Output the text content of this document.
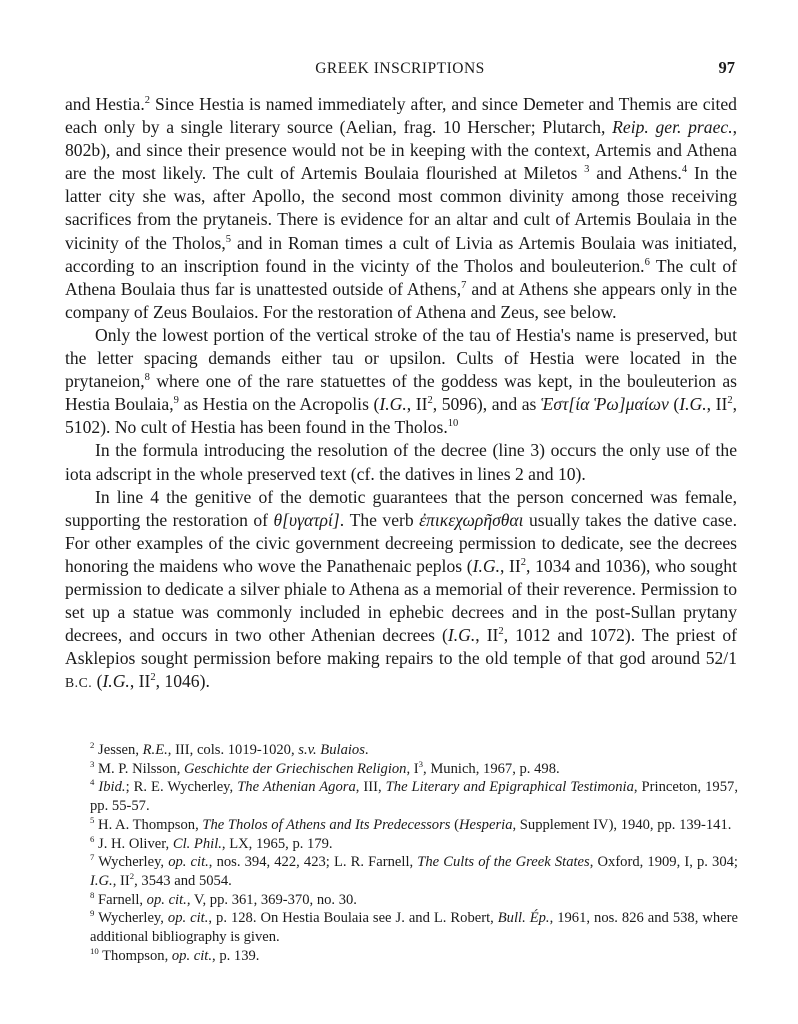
GREEK INSCRIPTIONS	97

and Hestia.$^2$ Since Hestia is named immediately after, and since Demeter and Themis are cited each only by a single literary source (Aelian, frag. 10 Herscher; Plutarch, Reip. ger. praec., 802b), and since their presence would not be in keeping with the context, Artemis and Athena are the most likely. The cult of Artemis Boulaia flourished at Miletos $^3$ and Athens.$^4$ In the latter city she was, after Apollo, the second most common divinity among those receiving sacrifices from the prytaneis. There is evidence for an altar and cult of Artemis Boulaia in the vicinity of the Tholos,$^5$ and in Roman times a cult of Livia as Artemis Boulaia was initiated, according to an inscription found in the vicinty of the Tholos and bouleuterion.$^6$ The cult of Athena Boulaia thus far is unattested outside of Athens,$^7$ and at Athens she appears only in the company of Zeus Boulaios. For the restoration of Athena and Zeus, see below.

Only the lowest portion of the vertical stroke of the tau of Hestia's name is preserved, but the letter spacing demands either tau or upsilon. Cults of Hestia were located in the prytaneion,$^8$ where one of the rare statuettes of the goddess was kept, in the bouleuterion as Hestia Boulaia,$^9$ as Hestia on the Acropolis (I.G., $II^2$, 5096), and as Ἑστ[ία Ῥω]μαίων (I.G., $II^2$, 5102). No cult of Hestia has been found in the Tholos.$^{10}$

In the formula introducing the resolution of the decree (line 3) occurs the only use of the iota adscript in the whole preserved text (cf. the datives in lines 2 and 10).

In line 4 the genitive of the demotic guarantees that the person concerned was female, supporting the restoration of θ[υγατρί]. The verb ἐπικεχωρῆσθαι usually takes the dative case. For other examples of the civic government decreeing permission to dedicate, see the decrees honoring the maidens who wove the Panathenaic peplos (I.G., $II^2$, 1034 and 1036), who sought permission to dedicate a silver phiale to Athena as a memorial of their reverence. Permission to set up a statue was commonly included in ephebic decrees and in the post-Sullan prytany decrees, and occurs in two other Athenian decrees (I.G., $II^2$, 1012 and 1072). The priest of Asklepios sought permission before making repairs to the old temple of that god around 52/1 B.C. (I.G., $II^2$, 1046).

$^2$ Jessen, R.E., III, cols. 1019-1020, s.v. Bulaios.
$^3$ M. P. Nilsson, Geschichte der Griechischen Religion, $I^3$, Munich, 1967, p. 498.
$^4$ Ibid.; R. E. Wycherley, The Athenian Agora, III, The Literary and Epigraphical Testimonia, Princeton, 1957, pp. 55-57.
$^5$ H. A. Thompson, The Tholos of Athens and Its Predecessors (Hesperia, Supplement IV), 1940, pp. 139-141.
$^6$ J. H. Oliver, Cl. Phil., LX, 1965, p. 179.
$^7$ Wycherley, op. cit., nos. 394, 422, 423; L. R. Farnell, The Cults of the Greek States, Oxford, 1909, I, p. 304; I.G., $II^2$, 3543 and 5054.
$^8$ Farnell, op. cit., V, pp. 361, 369-370, no. 30.
$^9$ Wycherley, op. cit., p. 128. On Hestia Boulaia see J. and L. Robert, Bull. Ép., 1961, nos. 826 and 538, where additional bibliography is given.
$^{10}$ Thompson, op. cit., p. 139.
